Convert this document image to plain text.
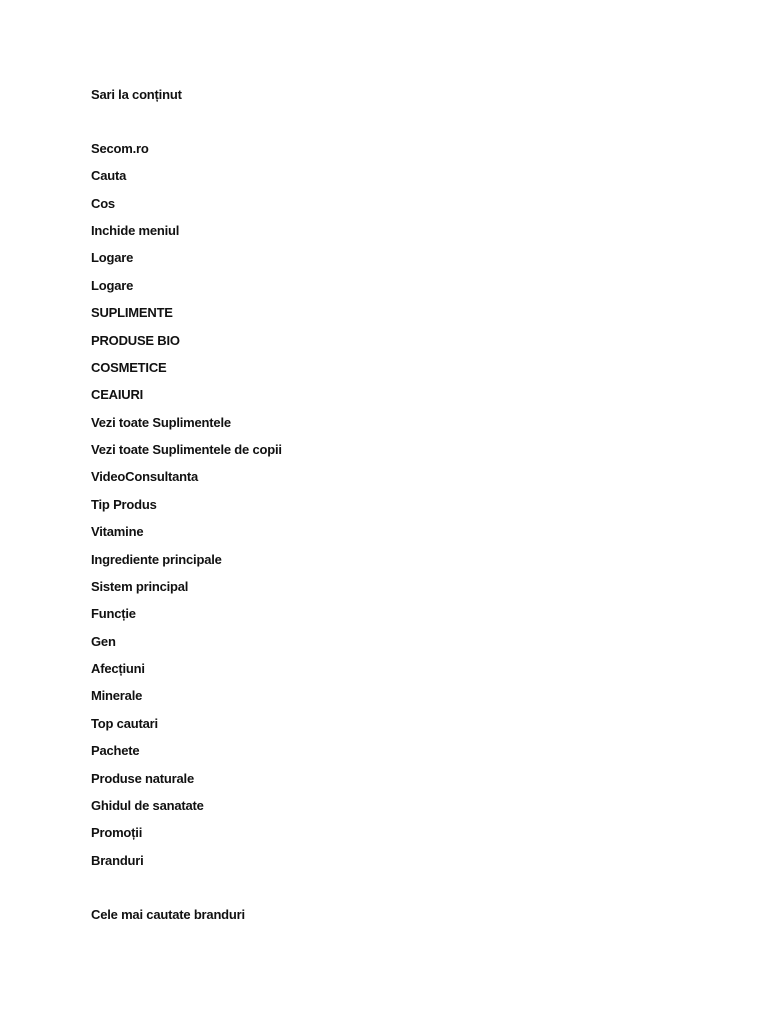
Sari la conținut
Secom.ro
Cauta
Cos
Inchide meniul
Logare
Logare
SUPLIMENTE
PRODUSE BIO
COSMETICE
CEAIURI
Vezi toate Suplimentele
Vezi toate Suplimentele de copii
VideoConsultanta
Tip Produs
Vitamine
Ingrediente principale
Sistem principal
Funcție
Gen
Afecțiuni
Minerale
Top cautari
Pachete
Produse naturale
Ghidul de sanatate
Promoții
Branduri
Cele mai cautate branduri
